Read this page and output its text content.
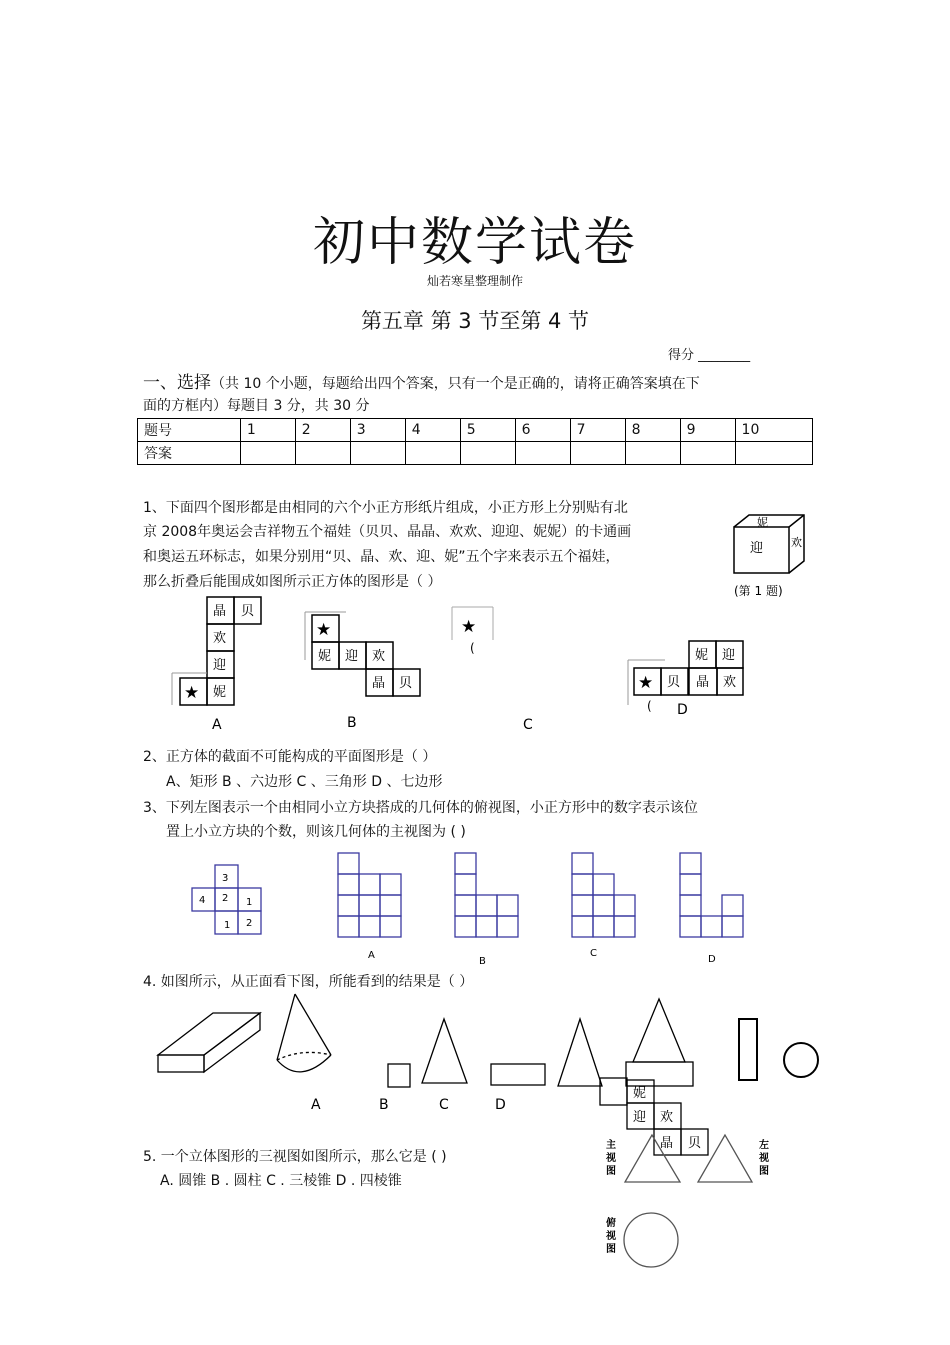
初中数学试卷
灿若寒星整理制作
第五章 第 3 节至第 4 节
得分 ________
一、选择（共 10 个小题，每题给出四个答案，只有一个是正确的，请将正确答案填在下
面的方框内）每题目 3 分，共 30 分
题号	1	2	3	4	5	6	7	8	9	10
答案										
1、下面四个图形都是由相同的六个小正方形纸片组成，小正方形上分别贴有北
京 2008年奥运会吉祥物五个福娃（贝贝、晶晶、欢欢、迎迎、妮妮）的卡通画
和奥运五环标志，如果分别用“贝、晶、欢、迎、妮”五个字来表示五个福娃，
那么折叠后能围成如图所示正方体的图形是（ ）
2、正方体的截面不可能构成的平面图形是（ ）
A、矩形 B 、六边形 C 、三角形 D 、七边形
3、下列左图表示一个由相同小立方块搭成的几何体的俯视图，小正方形中的数字表示该位
置上小立方块的个数，则该几何体的主视图为 ( )
4. 如图所示，从正面看下图，所能看到的结果是（ ）
5. 一个立体图形的三视图如图所示，那么它是 ( )
A. 圆锥 B . 圆柱 C . 三棱锥 D . 四棱锥
妮
迎	欢
(第 1 题)
晶 贝
欢
迎
妮
★
A
★
妮 迎 欢
晶 贝
B
★
(
C
妮 迎
★ 贝 晶 欢
( D
3
4 2 1
1 2
A
B
C
D
A	B	C	D
妮
迎 欢
晶 贝
主视图
左视图
俯视图
